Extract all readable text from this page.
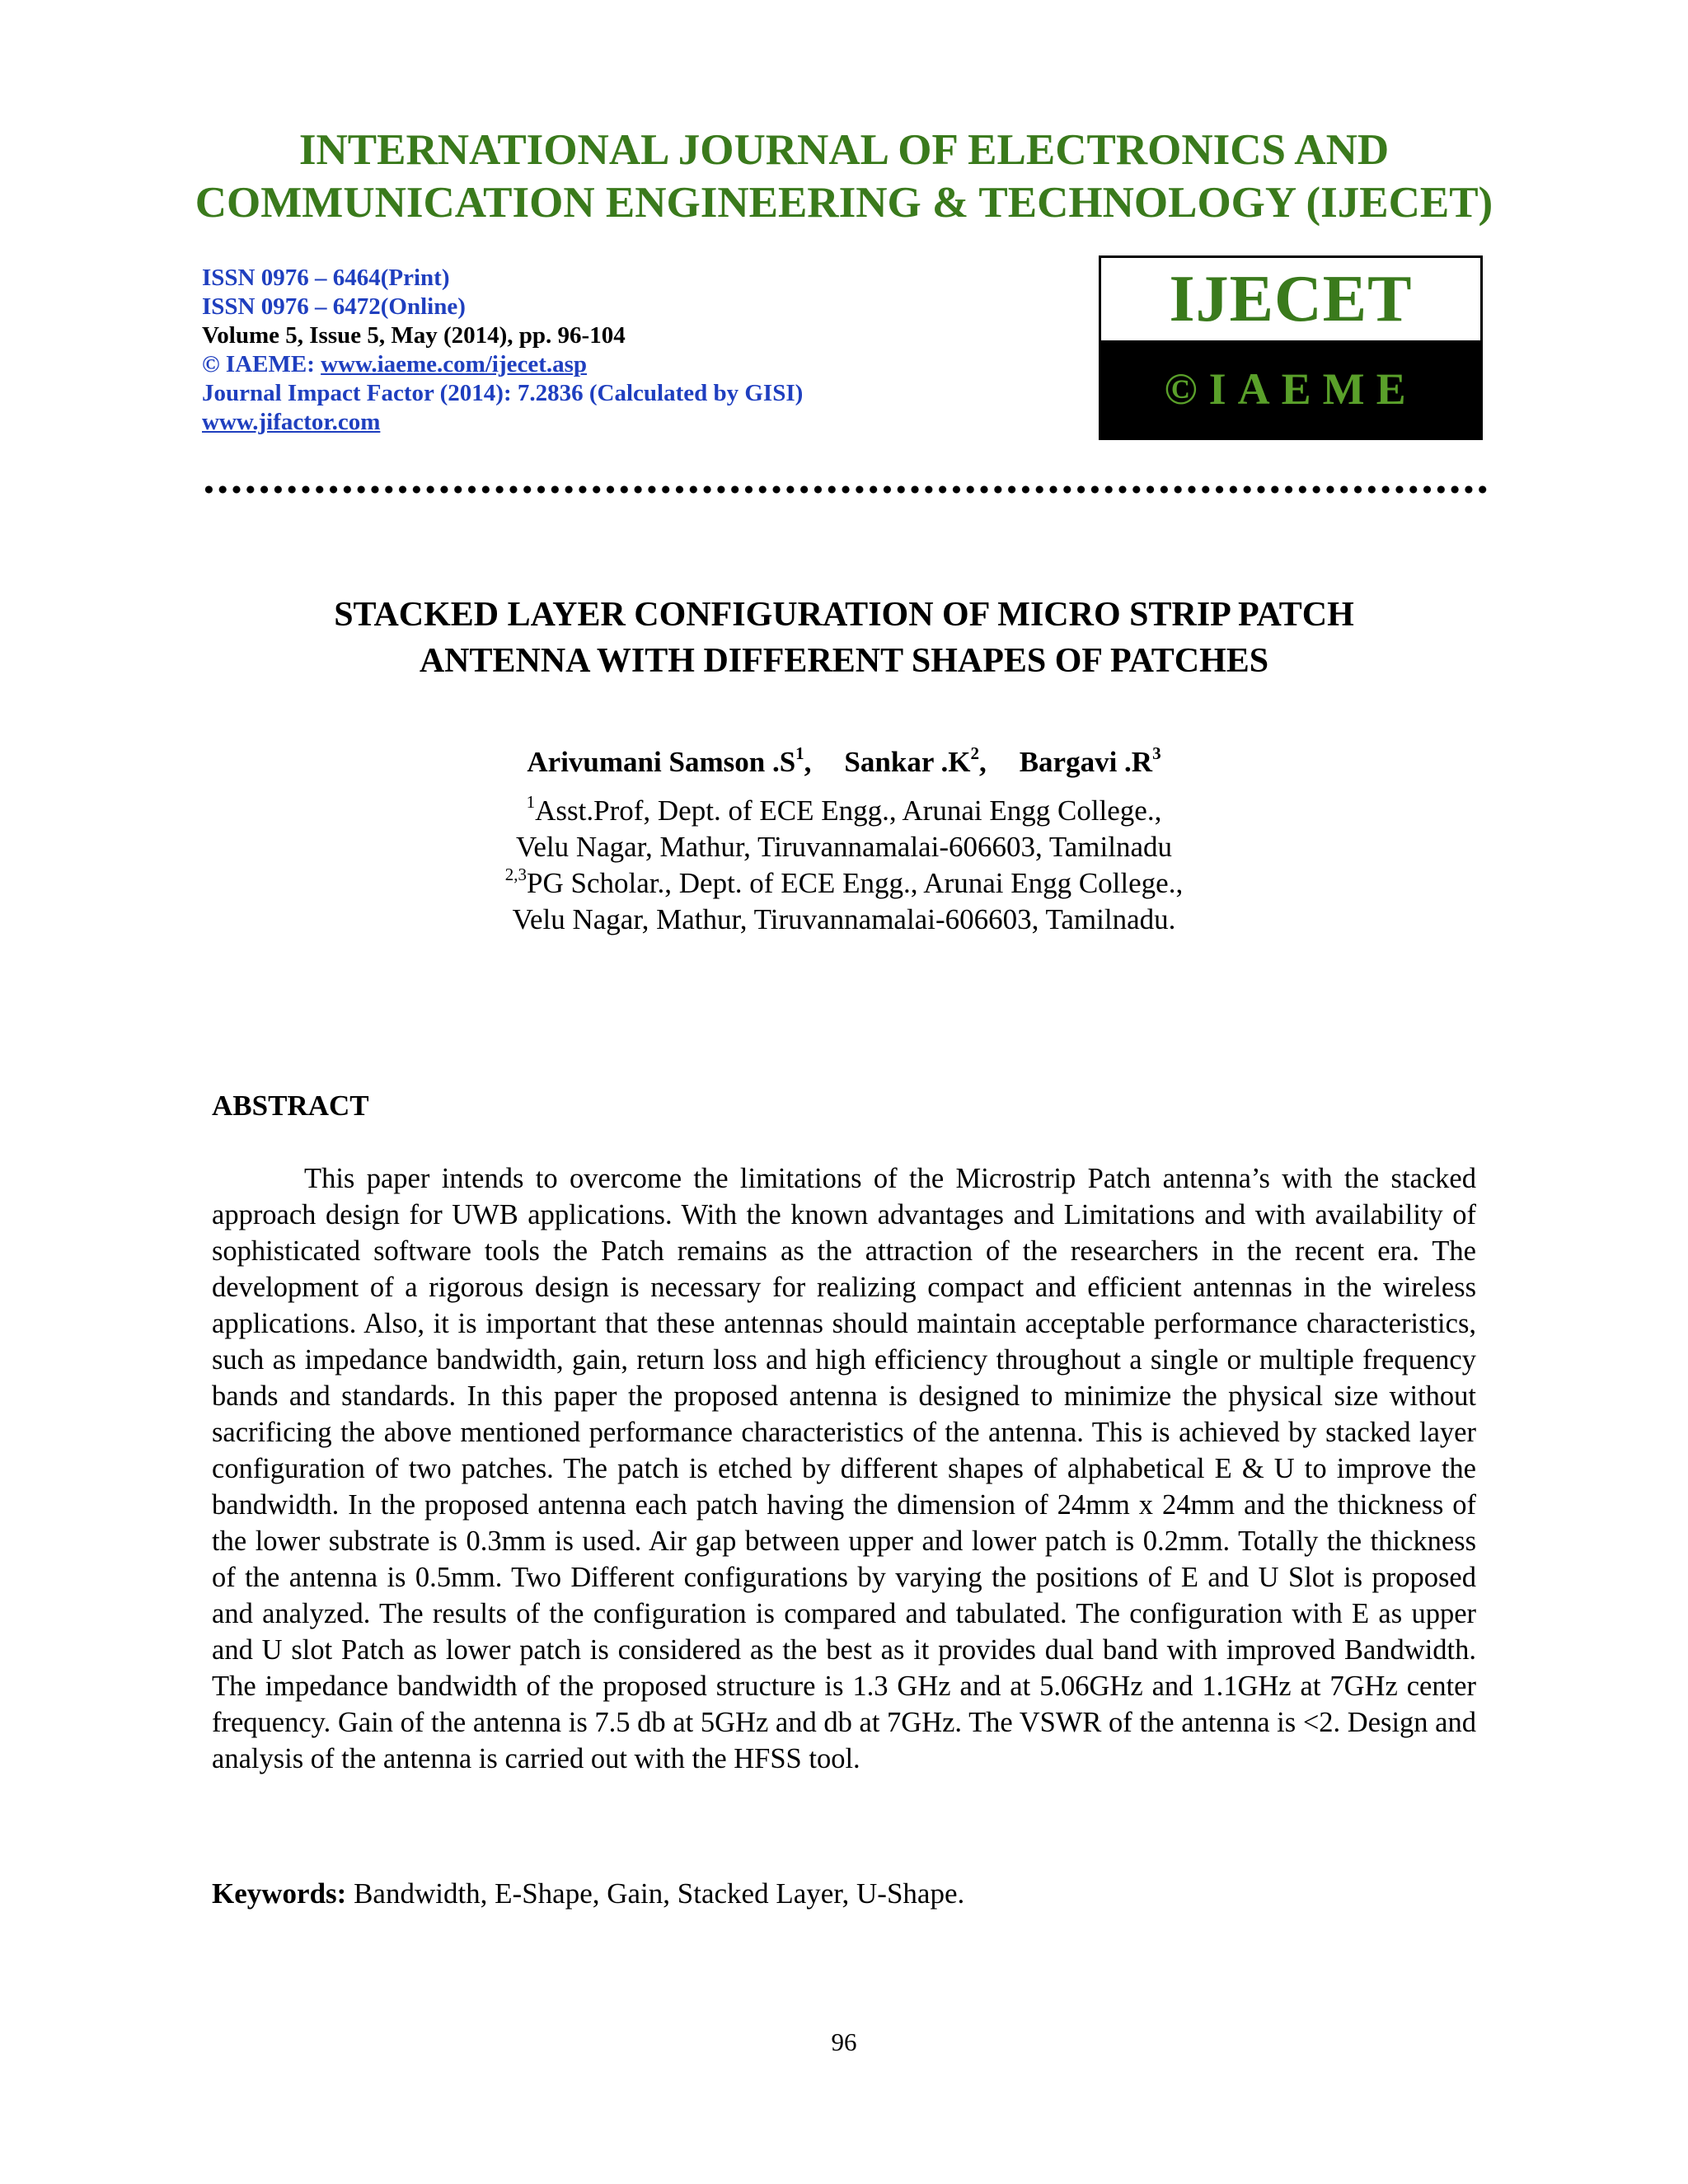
INTERNATIONAL JOURNAL OF ELECTRONICS AND
COMMUNICATION ENGINEERING & TECHNOLOGY (IJECET)
ISSN 0976 – 6464(Print)
ISSN 0976 – 6472(Online)
Volume 5, Issue 5, May (2014), pp. 96-104
© IAEME: www.iaeme.com/ijecet.asp
Journal Impact Factor (2014): 7.2836 (Calculated by GISI)
www.jifactor.com
IJECET
©IAEME
STACKED LAYER CONFIGURATION OF MICRO STRIP PATCH
ANTENNA WITH DIFFERENT SHAPES OF PATCHES
Arivumani Samson $.S^1$, Sankar $.K^2$, Bargavi $.R^3$
$^1$Asst.Prof, Dept. of ECE Engg., Arunai Engg College.,
Velu Nagar, Mathur, Tiruvannamalai-606603, Tamilnadu
$^{2,3}$PG Scholar., Dept. of ECE Engg., Arunai Engg College.,
Velu Nagar, Mathur, Tiruvannamalai-606603, Tamilnadu.
ABSTRACT

This paper intends to overcome the limitations of the Microstrip Patch antenna’s with the stacked approach design for UWB applications. With the known advantages and Limitations and with availability of sophisticated software tools the Patch remains as the attraction of the researchers in the recent era. The development of a rigorous design is necessary for realizing compact and efficient antennas in the wireless applications. Also, it is important that these antennas should maintain acceptable performance characteristics, such as impedance bandwidth, gain, return loss and high efficiency throughout a single or multiple frequency bands and standards. In this paper the proposed antenna is designed to minimize the physical size without sacrificing the above mentioned performance characteristics of the antenna. This is achieved by stacked layer configuration of two patches. The patch is etched by different shapes of alphabetical E & U to improve the bandwidth. In the proposed antenna each patch having the dimension of 24mm x 24mm and the thickness of the lower substrate is 0.3mm is used. Air gap between upper and lower patch is 0.2mm. Totally the thickness of the antenna is 0.5mm. Two Different configurations by varying the positions of E and U Slot is proposed and analyzed. The results of the configuration is compared and tabulated. The configuration with E as upper and U slot Patch as lower patch is considered as the best as it provides dual band with improved Bandwidth. The impedance bandwidth of the proposed structure is 1.3 GHz and at 5.06GHz and 1.1GHz at 7GHz center frequency. Gain of the antenna is 7.5 db at 5GHz and db at 7GHz. The VSWR of the antenna is <2. Design and analysis of the antenna is carried out with the HFSS tool.

Keywords: Bandwidth, E-Shape, Gain, Stacked Layer, U-Shape.
96
